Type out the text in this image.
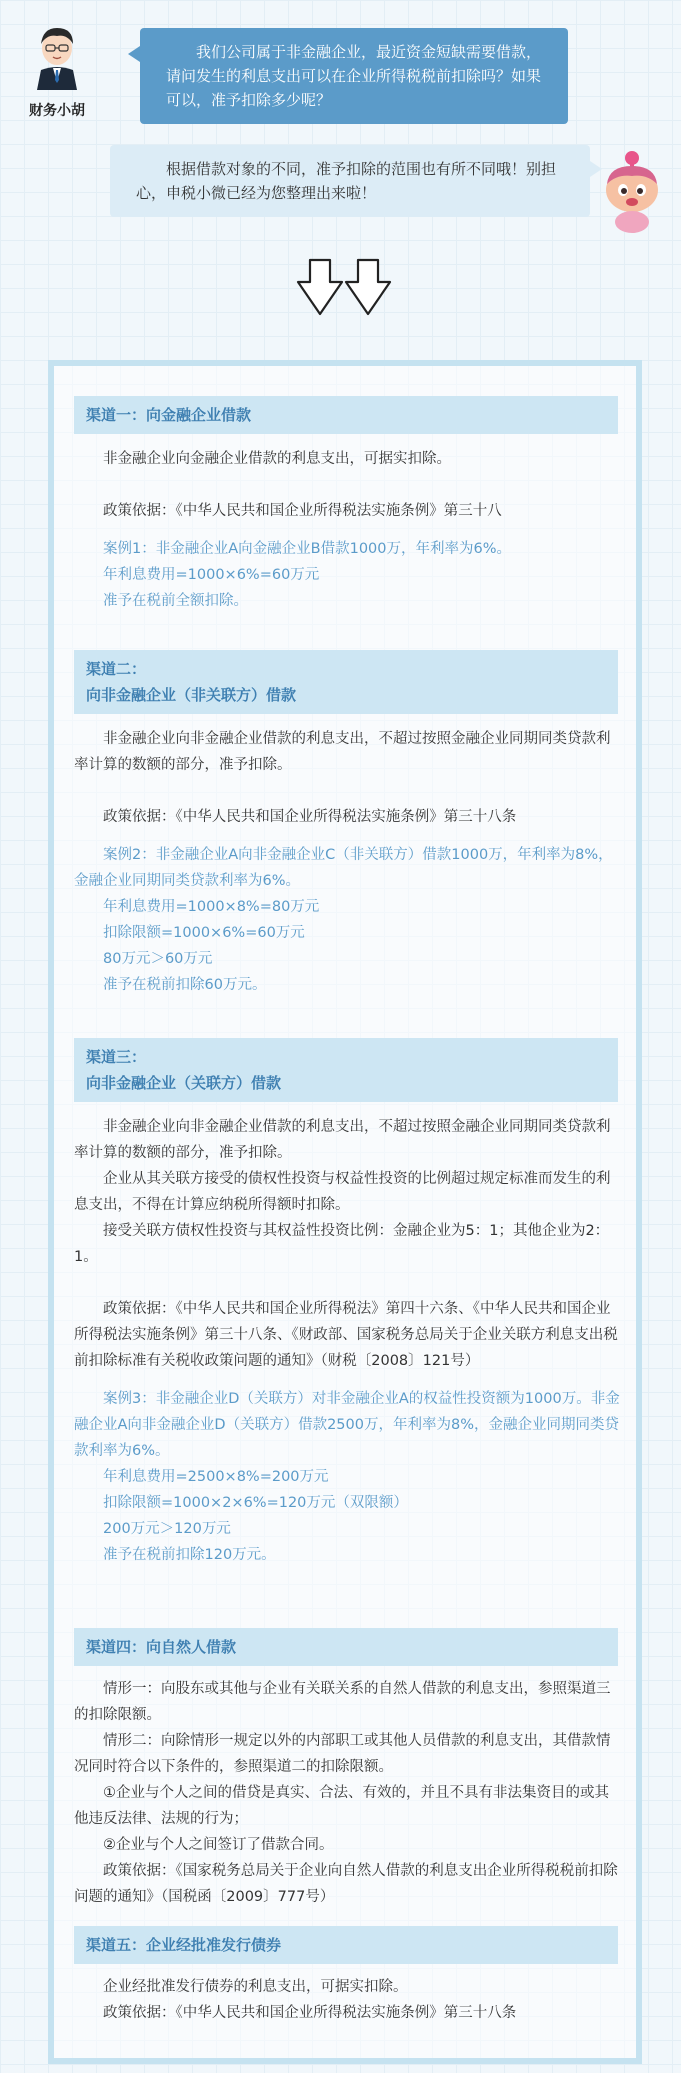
财务小胡
我们公司属于非金融企业，最近资金短缺需要借款，请问发生的利息支出可以在企业所得税税前扣除吗？如果可以，准予扣除多少呢？
根据借款对象的不同，准予扣除的范围也有所不同哦！别担心，申税小微已经为您整理出来啦！
渠道一：向金融企业借款

非金融企业向金融企业借款的利息支出，可据实扣除。

政策依据：《中华人民共和国企业所得税法实施条例》第三十八

案例1：非金融企业A向金融企业B借款1000万，年利率为6%。

年利息费用=1000×6%=60万元

准予在税前全额扣除。

渠道二：
向非金融企业（非关联方）借款

非金融企业向非金融企业借款的利息支出，不超过按照金融企业同期同类贷款利率计算的数额的部分，准予扣除。

政策依据：《中华人民共和国企业所得税法实施条例》第三十八条

案例2：非金融企业A向非金融企业C（非关联方）借款1000万，年利率为8%，金融企业同期同类贷款利率为6%。

年利息费用=1000×8%=80万元

扣除限额=1000×6%=60万元

80万元＞60万元

准予在税前扣除60万元。

渠道三：
向非金融企业（关联方）借款

非金融企业向非金融企业借款的利息支出，不超过按照金融企业同期同类贷款利率计算的数额的部分，准予扣除。

企业从其关联方接受的债权性投资与权益性投资的比例超过规定标准而发生的利息支出，不得在计算应纳税所得额时扣除。

接受关联方债权性投资与其权益性投资比例：金融企业为5：1；其他企业为2：1。

政策依据：《中华人民共和国企业所得税法》第四十六条、《中华人民共和国企业所得税法实施条例》第三十八条、《财政部、国家税务总局关于企业关联方利息支出税前扣除标准有关税收政策问题的通知》（财税〔2008〕121号）

案例3：非金融企业D（关联方）对非金融企业A的权益性投资额为1000万。非金融企业A向非金融企业D（关联方）借款2500万，年利率为8%，金融企业同期同类贷款利率为6%。

年利息费用=2500×8%=200万元

扣除限额=1000×2×6%=120万元（双限额）

200万元＞120万元

准予在税前扣除120万元。

渠道四：向自然人借款

情形一：向股东或其他与企业有关联关系的自然人借款的利息支出，参照渠道三的扣除限额。

情形二：向除情形一规定以外的内部职工或其他人员借款的利息支出，其借款情况同时符合以下条件的，参照渠道二的扣除限额。

①企业与个人之间的借贷是真实、合法、有效的，并且不具有非法集资目的或其他违反法律、法规的行为；

②企业与个人之间签订了借款合同。

政策依据：《国家税务总局关于企业向自然人借款的利息支出企业所得税税前扣除问题的通知》（国税函〔2009〕777号）

渠道五：企业经批准发行债券

企业经批准发行债券的利息支出，可据实扣除。

政策依据：《中华人民共和国企业所得税法实施条例》第三十八条
